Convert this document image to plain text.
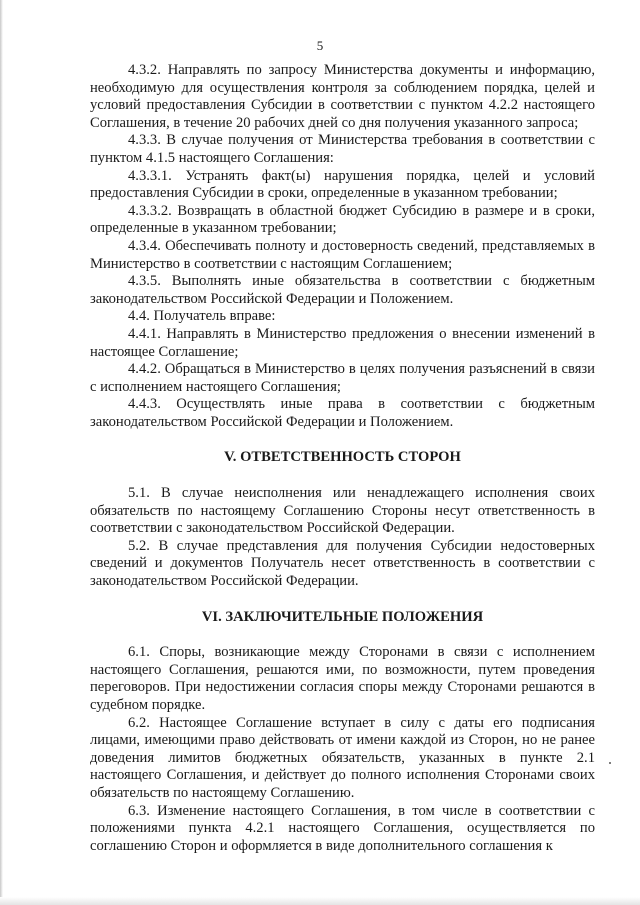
5

4.3.2. Направлять по запросу Министерства документы и информацию, необходимую для осуществления контроля за соблюдением порядка, целей и условий предоставления Субсидии в соответствии с пунктом 4.2.2 настоящего Соглашения, в течение 20 рабочих дней со дня получения указанного запроса;

4.3.3. В случае получения от Министерства требования в соответствии с пунктом 4.1.5 настоящего Соглашения:

4.3.3.1. Устранять факт(ы) нарушения порядка, целей и условий предоставления Субсидии в сроки, определенные в указанном требовании;

4.3.3.2. Возвращать в областной бюджет Субсидию в размере и в сроки, определенные в указанном требовании;

4.3.4. Обеспечивать полноту и достоверность сведений, представляемых в Министерство в соответствии с настоящим Соглашением;

4.3.5. Выполнять иные обязательства в соответствии с бюджетным законодательством Российской Федерации и Положением.

4.4. Получатель вправе:

4.4.1. Направлять в Министерство предложения о внесении изменений в настоящее Соглашение;

4.4.2. Обращаться в Министерство в целях получения разъяснений в связи с исполнением настоящего Соглашения;

4.4.3. Осуществлять иные права в соответствии с бюджетным законодательством Российской Федерации и Положением.

V. ОТВЕТСТВЕННОСТЬ СТОРОН

5.1. В случае неисполнения или ненадлежащего исполнения своих обязательств по настоящему Соглашению Стороны несут ответственность в соответствии с законодательством Российской Федерации.

5.2. В случае представления для получения Субсидии недостоверных сведений и документов Получатель несет ответственность в соответствии с законодательством Российской Федерации.

VI. ЗАКЛЮЧИТЕЛЬНЫЕ ПОЛОЖЕНИЯ

6.1. Споры, возникающие между Сторонами в связи с исполнением настоящего Соглашения, решаются ими, по возможности, путем проведения переговоров. При недостижении согласия споры между Сторонами решаются в судебном порядке.

6.2. Настоящее Соглашение вступает в силу с даты его подписания лицами, имеющими право действовать от имени каждой из Сторон, но не ранее доведения лимитов бюджетных обязательств, указанных в пункте 2.1 настоящего Соглашения, и действует до полного исполнения Сторонами своих обязательств по настоящему Соглашению.

6.3. Изменение настоящего Соглашения, в том числе в соответствии с положениями пункта 4.2.1 настоящего Соглашения, осуществляется по соглашению Сторон и оформляется в виде дополнительного соглашения к
